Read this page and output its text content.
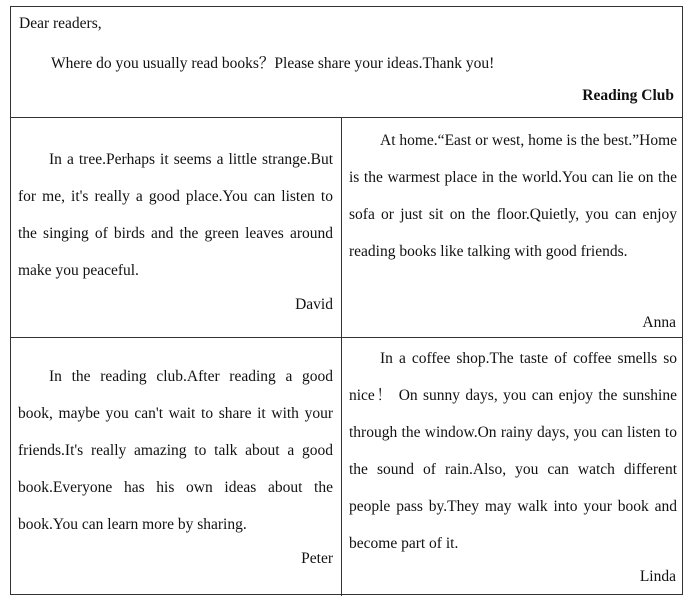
Dear readers,
Where do you usually read books？Please share your ideas.Thank you!
Reading Club

In a tree.Perhaps it seems a little strange.But for me, it's really a good place.You can listen to the singing of birds and the green leaves around make you peaceful.

David

At home.“East or west, home is the best.”Home is the warmest place in the world.You can lie on the sofa or just sit on the floor.Quietly, you can enjoy reading books like talking with good friends.

Anna

In the reading club.After reading a good book, maybe you can't wait to share it with your friends.It's really amazing to talk about a good book.Everyone has his own ideas about the book.You can learn more by sharing.

Peter

In a coffee shop.The taste of coffee smells so nice！ On sunny days, you can enjoy the sunshine through the window.On rainy days, you can listen to the sound of rain.Also, you can watch different people pass by.They may walk into your book and become part of it.

Linda
